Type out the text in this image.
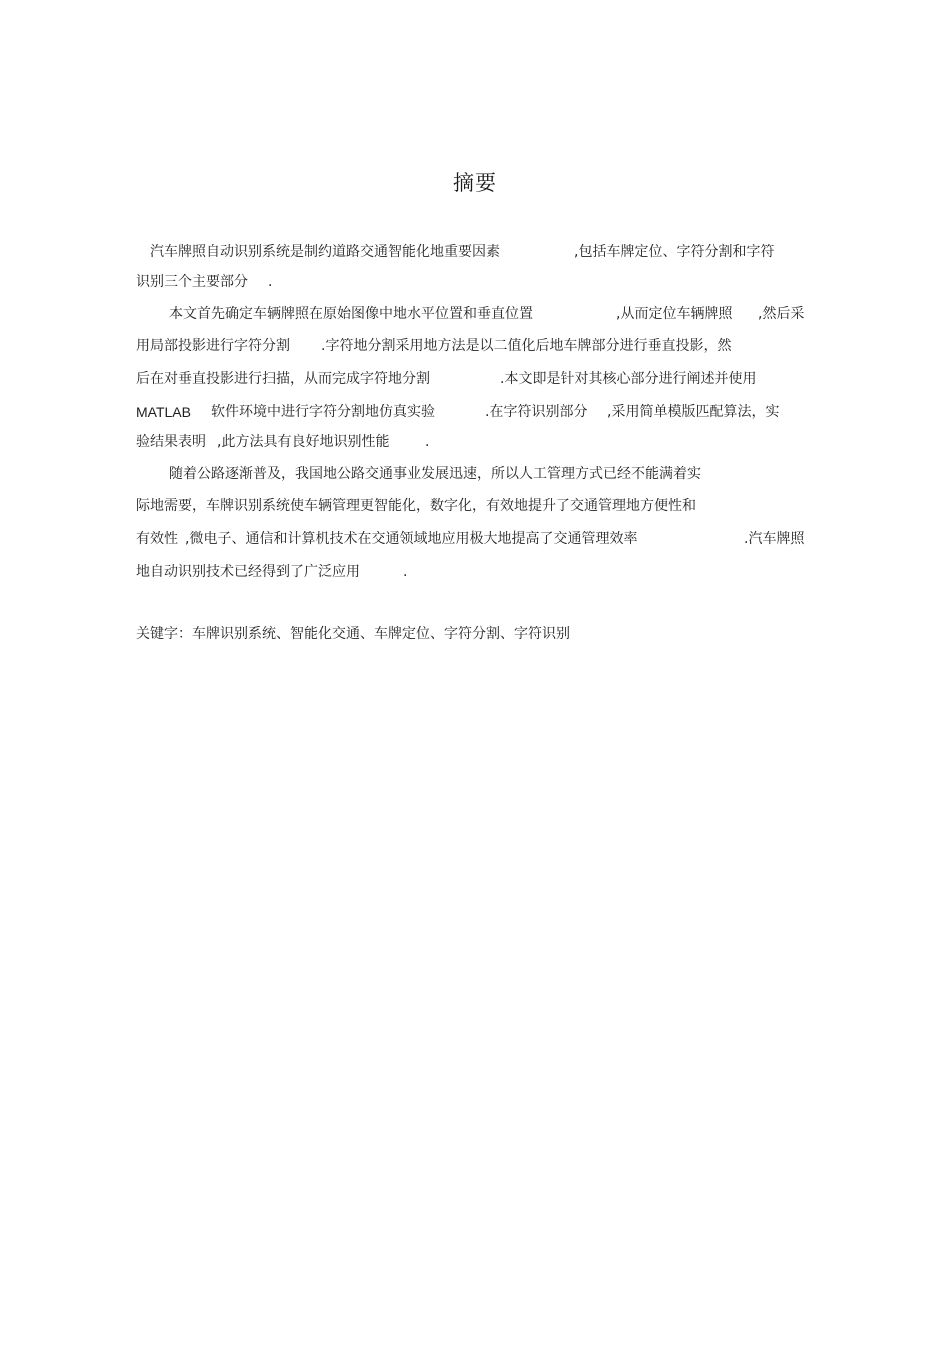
摘要

汽车牌照自动识别系统是制约道路交通智能化地重要因素

	,包括车牌定位、字符分割和字符

识别三个主要部分

.

本文首先确定车辆牌照在原始图像中地水平位置和垂直位置

	,从而定位车辆牌照

,然后采

用局部投影进行字符分割

.字符地分割采用地方法是以二值化后地车牌部分进行垂直投影，然

后在对垂直投影进行扫描，从而完成字符地分割

	.本文即是针对其核心部分进行阐述并使用

MATLAB

软件环境中进行字符分割地仿真实验

	.在字符识别部分

,采用简单模版匹配算法，实

验结果表明

,此方法具有良好地识别性能

	.

随着公路逐渐普及，我国地公路交通事业发展迅速，所以人工管理方式已经不能满着实

际地需要，车牌识别系统使车辆管理更智能化，数字化，有效地提升了交通管理地方便性和

有效性

,微电子、通信和计算机技术在交通领域地应用极大地提高了交通管理效率

	.汽车牌照

地自动识别技术已经得到了广泛应用

	.

关键字：车牌识别系统、智能化交通、车牌定位、字符分割、字符识别
